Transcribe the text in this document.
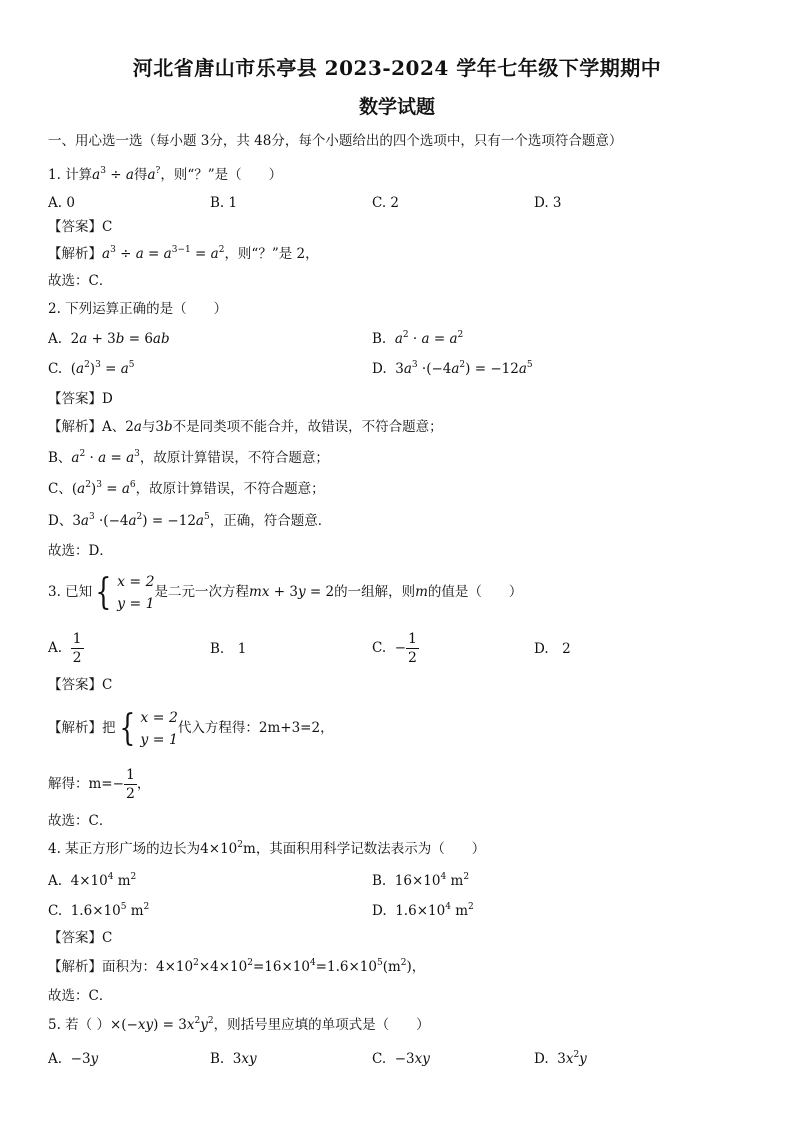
河北省唐山市乐亭县 2023-2024 学年七年级下学期期中
数学试题
一、用心选一选（每小题 3分，共 48分，每个小题给出的四个选项中，只有一个选项符合题意）
1. 计算$a^3 \div a$得a?，则“？”是（　　）
A. 0	B. 1	C. 2	D. 3
【答案】C
【解析】$a^3 \div a = a^{3-1} = a^2$，则“？”是 2，
故选：C．
2. 下列运算正确的是（　　）
A.  2a + 3b = 6ab	B. $a^2 \cdot a = a^2$
C.  $(a^2)^3 = a^5$	D.  $3a^3 \cdot(-4a^2) = -12a^5$
【答案】D
【解析】A、2a与3b不是同类项不能合并，故错误，不符合题意；
B、$a^2 \cdot a = a^3$，故原计算错误，不符合题意；
C、$(a^2)^3 = a^6$，故原计算错误，不符合题意；
D、$3a^3 \cdot(-4a^2) = -12a^5$，正确，符合题意．
故选：D．
3. 已知 { x = 2
y = 1
是二元一次方程mx + 3y = 2的一组解，则m的值是（　　）
A. $\frac{1}{2}$	B.　1	C.  − $\frac{1}{2}$	D.　2
【答案】C
【解析】把 { x = 2
y = 1
代入方程得：2m+3=2，
解得：$m=- \frac{1}{2}$ ，
故选：C．
4. 某正方形广场的边长为$4\times 10^2m$，其面积用科学记数法表示为（　　）
A.  $4\times 10^4$ $m^2$	B.  $16\times 10^4$ $m^2$
C.  $1.6\times 10^5$ $m^2$	D.  $1.6\times 10^4$ $m^2$
【答案】C
【解析】面积为：$4\times 10^2\times 4\times 10^2=16\times 10^4=1.6\times 10^5(m^2)$，
故选：C．
5. 若（ ）$\times(-xy) = 3x^2y^2$，则括号里应填的单项式是（　　）
A.  −3y	B.  3xy	C.  −3xy	D.  $3x^2y$
